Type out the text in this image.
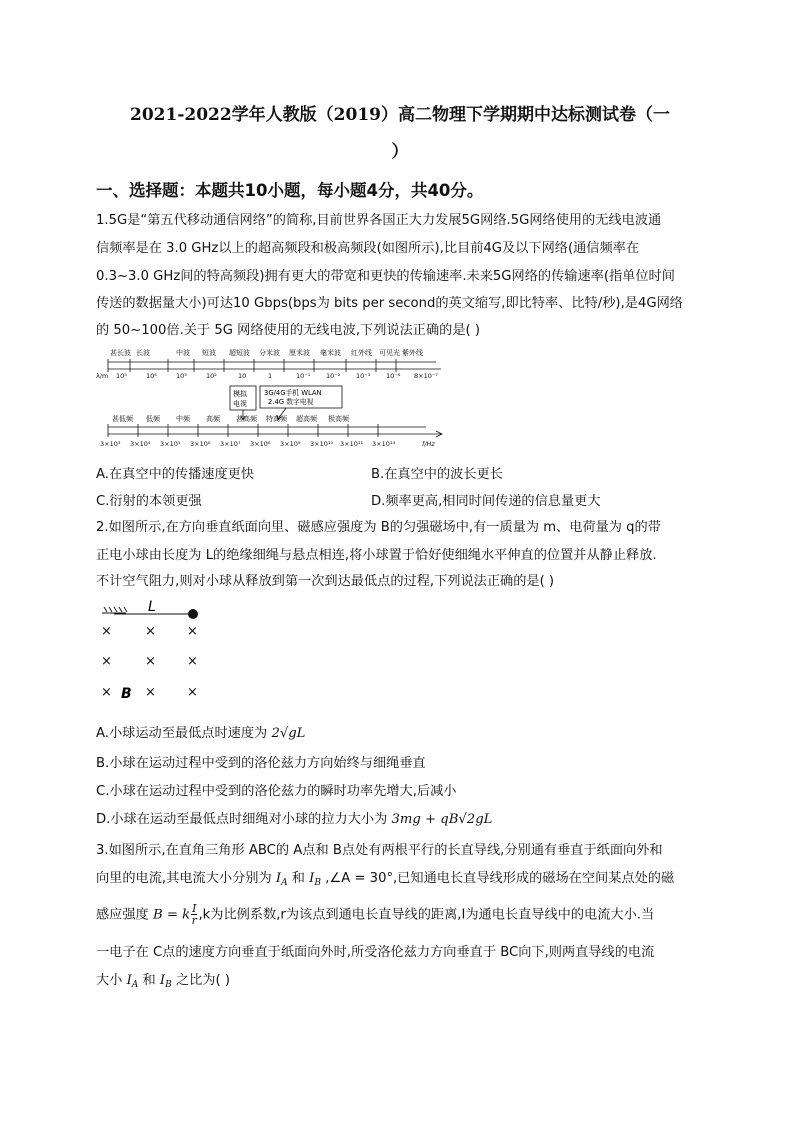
2021-2022学年人教版（2019）高二物理下学期期中达标测试卷（一
）
一、选择题：本题共10小题，每小题4分，共40分。
1.5G是“第五代移动通信网络”的简称,目前世界各国正大力发展5G网络.5G网络使用的无线电波通
信频率是在 3.0 GHz以上的超高频段和极高频段(如图所示),比目前4G及以下网络(通信频率在
0.3~3.0 GHz间的特高频段)拥有更大的带宽和更快的传输速率.未来5G网络的传输速率(指单位时间
传送的数据量大小)可达10 Gbps(bps为 bits per second的英文缩写,即比特率、比特/秒),是4G网络
的 50~100倍.关于 5G 网络使用的无线电波,下列说法正确的是( )
甚长波 长波	中波 短波 超短波 分米波 厘米波 毫米波 红外线 可见光 紫外线
λ/m 10⁵	10⁴	10³	10²	10	1	10⁻¹ 10⁻² 10⁻³ 10⁻⁶ 8×10⁻⁷
模拟
电视
3G/4G手机 WLAN
2.4G 数字电视
甚低频 低频 中频 高频 甚高频 特高频 超高频 极高频
3×10³ 3×10⁴ 3×10⁵ 3×10⁶ 3×10⁷ 3×10⁸ 3×10⁹ 3×10¹⁰ 3×10¹¹ 3×10¹⁴	f/Hz
A.在真空中的传播速度更快	B.在真空中的波长更长
C.衍射的本领更强	D.频率更高,相同时间传递的信息量更大
2.如图所示,在方向垂直纸面向里、磁感应强度为 B的匀强磁场中,有一质量为 m、电荷量为 q的带
正电小球由长度为 L的绝缘细绳与悬点相连,将小球置于恰好使细绳水平伸直的位置并从静止释放.
不计空气阻力,则对小球从释放到第一次到达最低点的过程,下列说法正确的是( )
L
×	× ×
×	× ×
×	× ×
B
A.小球运动至最低点时速度为 2√gL
B.小球在运动过程中受到的洛伦兹力方向始终与细绳垂直
C.小球在运动过程中受到的洛伦兹力的瞬时功率先增大,后减小
D.小球在运动至最低点时细绳对小球的拉力大小为 3mg + qB√2gL
3.如图所示,在直角三角形 ABC的 A点和 B点处有两根平行的长直导线,分别通有垂直于纸面向外和
向里的电流,其电流大小分别为 $I_A$ 和 $I_B$ ,∠A = 30°,已知通电长直导线形成的磁场在空间某点处的磁
感应强度 B = k $\frac{I}{r} ,k$为比例系数,r为该点到通电长直导线的距离,I为通电长直导线中的电流大小.当
一电子在 C点的速度方向垂直于纸面向外时,所受洛伦兹力方向垂直于 BC向下,则两直导线的电流
大小 $I_A$ 和 $I_B$ 之比为( )
